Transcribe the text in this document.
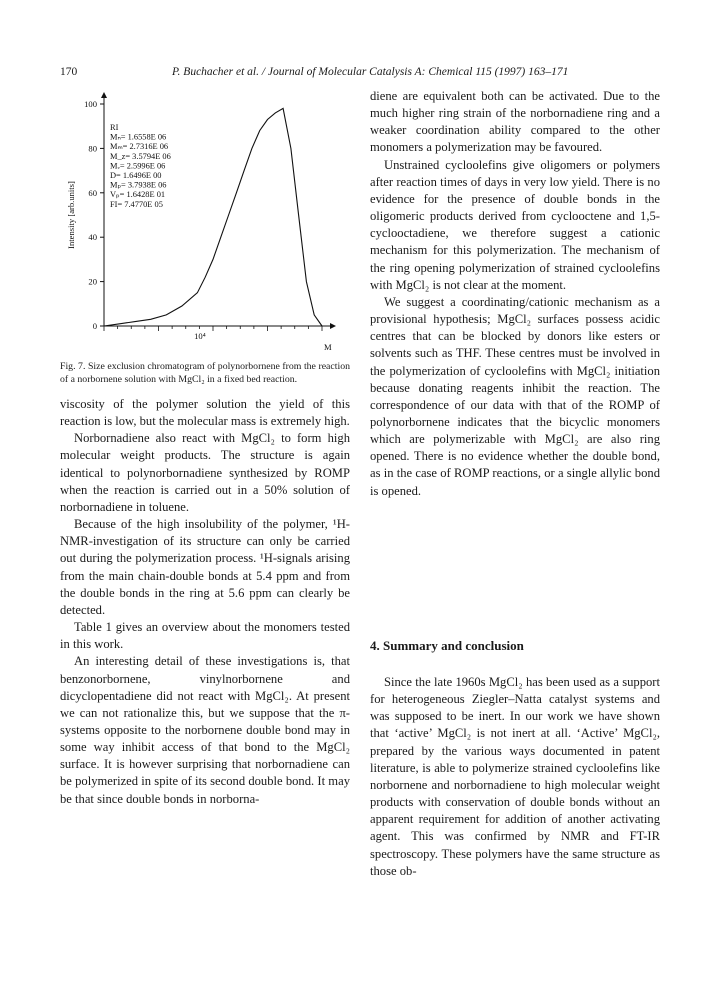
170	P. Buchacher et al. / Journal of Molecular Catalysis A: Chemical 115 (1997) 163–171
0
20
40
60
80
100
RI
Mₙ= 1.6558E 06
Mₘ= 2.7316E 06
M_z= 3.5794E 06
Mᵥ= 2.5996E 06
D= 1.6496E 00
Mₚ= 3.7938E 06
Vₚ= 1.6428E 01
FI= 7.4770E 05
Intensity [arb.units]
M
10⁴
Fig. 7. Size exclusion chromatogram of polynorbornene from the reaction of a norbornene solution with MgCl₂ in a fixed bed reaction.

viscosity of the polymer solution the yield of this reaction is low, but the molecular mass is extremely high.

Norbornadiene also react with MgCl₂ to form high molecular weight products. The structure is again identical to polynorbornadiene synthesized by ROMP when the reaction is carried out in a 50% solution of norbornadiene in toluene.

Because of the high insolubility of the polymer, ¹H-NMR-investigation of its structure can only be carried out during the polymerization process. ¹H-signals arising from the main chain-double bonds at 5.4 ppm and from the double bonds in the ring at 5.6 ppm can clearly be detected.

Table 1 gives an overview about the monomers tested in this work.

An interesting detail of these investigations is, that benzonorbornene, vinylnorbornene and dicyclopentadiene did not react with MgCl₂. At present we can not rationalize this, but we suppose that the π-systems opposite to the norbornene double bond may in some way inhibit access of that bond to the MgCl₂ surface. It is however surprising that norbornadiene can be polymerized in spite of its second double bond. It may be that since double bonds in norborna-

diene are equivalent both can be activated. Due to the much higher ring strain of the norbornadiene ring and a weaker coordination ability compared to the other monomers a polymerization may be favoured.

Unstrained cycloolefins give oligomers or polymers after reaction times of days in very low yield. There is no evidence for the presence of double bonds in the oligomeric products derived from cyclooctene and 1,5-cyclooctadiene, we therefore suggest a cationic mechanism for this polymerization. The mechanism of the ring opening polymerization of strained cycloolefins with MgCl₂ is not clear at the moment.

We suggest a coordinating/cationic mechanism as a provisional hypothesis; MgCl₂ surfaces possess acidic centres that can be blocked by donors like esters or solvents such as THF. These centres must be involved in the polymerization of cycloolefins with MgCl₂ initiation because donating reagents inhibit the reaction. The correspondence of our data with that of the ROMP of polynorbornene indicates that the bicyclic monomers which are polymerizable with MgCl₂ are also ring opened. There is no evidence whether the double bond, as in the case of ROMP reactions, or a single allylic bond is opened.

4. Summary and conclusion

Since the late 1960s MgCl₂ has been used as a support for heterogeneous Ziegler–Natta catalyst systems and was supposed to be inert. In our work we have shown that ‘active’ MgCl₂ is not inert at all. ‘Active’ MgCl₂, prepared by the various ways documented in patent literature, is able to polymerize strained cycloolefins like norbornene and norbornadiene to high molecular weight products with conservation of double bonds without an apparent requirement for addition of another activating agent. This was confirmed by NMR and FT-IR spectroscopy. These polymers have the same structure as those ob-
